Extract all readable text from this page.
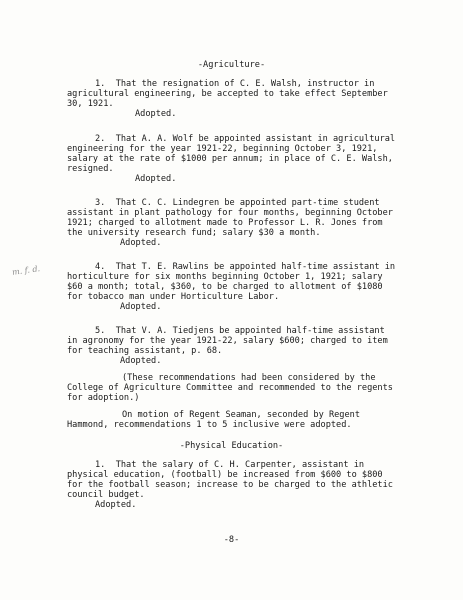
-Agriculture-
1.  That the resignation of C. E. Walsh, instructor in
agricultural engineering, be accepted to take effect September
30, 1921.
Adopted.
2.  That A. A. Wolf be appointed assistant in agricultural
engineering for the year 1921-22, beginning October 3, 1921,
salary at the rate of $1000 per annum; in place of C. E. Walsh,
resigned.
Adopted.
3.  That C. C. Lindegren be appointed part-time student
assistant in plant pathology for four months, beginning October
1921; charged to allotment made to Professor L. R. Jones from
the university research fund; salary $30 a month.
Adopted.
4.  That T. E. Rawlins be appointed half-time assistant in
horticulture for six months beginning October 1, 1921; salary
$60 a month; total, $360, to be charged to allotment of $1080
for tobacco man under Horticulture Labor.
Adopted.
5.  That V. A. Tiedjens be appointed half-time assistant
in agronomy for the year 1921-22, salary $600; charged to item
for teaching assistant, p. 68.
Adopted.
(These recommendations had been considered by the
College of Agriculture Committee and recommended to the regents
for adoption.)
On motion of Regent Seaman, seconded by Regent
Hammond, recommendations 1 to 5 inclusive were adopted.
-Physical Education-
1.  That the salary of C. H. Carpenter, assistant in
physical education, (football) be increased from $600 to $800
for the football season; increase to be charged to the athletic
council budget.
Adopted.
-8-
m. f. d.
